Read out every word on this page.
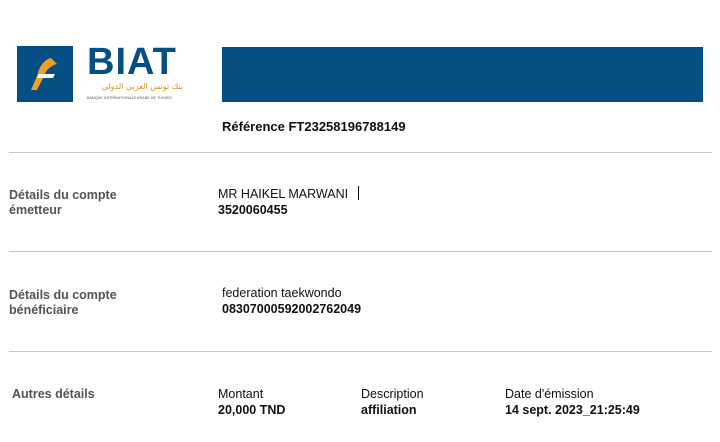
BIAT
بنك تونس العربي الدولي
BANQUE INTERNATIONALE ARABE DE TUNISIE
Référence FT23258196788149
Détails du compte
émetteur
MR HAIKEL MARWANI
3520060455
Détails du compte
bénéficiaire
federation taekwondo
08307000592002762049
Autres détails	Montant
20,000 TND
Description
affiliation
Date d'émission
14 sept. 2023_21:25:49
